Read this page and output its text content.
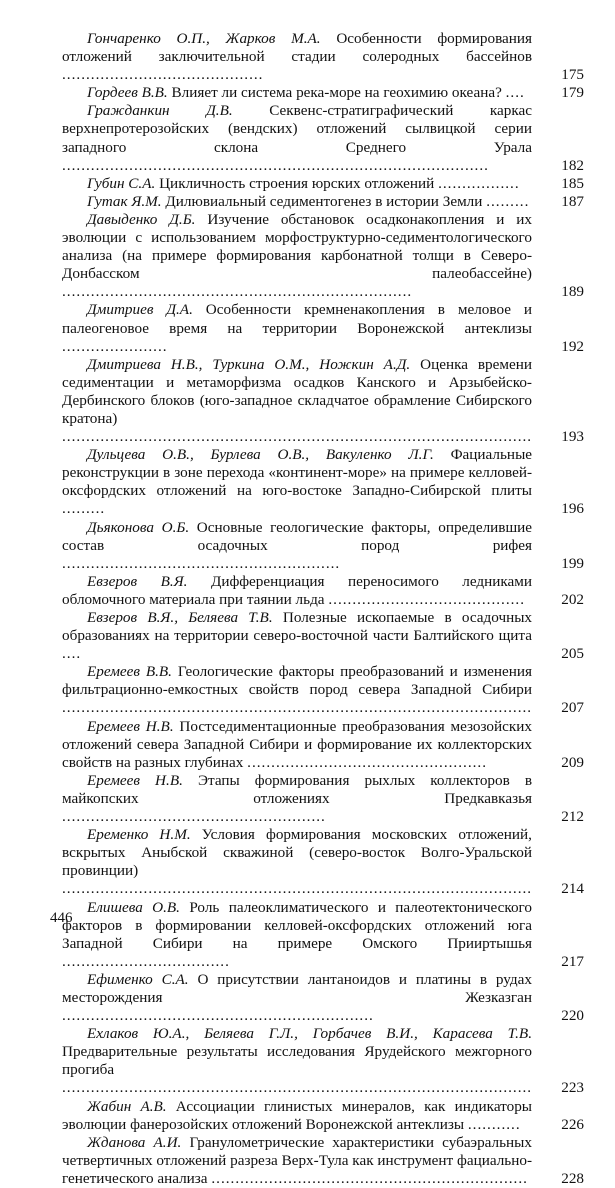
Гончаренко О.П., Жарков М.А. Особенности формирования отложений заключительной стадии солеродных бассейнов ..........................................	175
Гордеев В.В. Влияет ли система река-море на геохимию океана? ....	179
Гражданкин Д.В. Секвенс-стратиграфический каркас верхнепротерозойских (вендских) отложений сылвицкой серии западного склона Среднего Урала .........................................................................................	182
Губин С.А. Цикличность строения юрских отложений .................	185
Гутак Я.М. Дилювиальный седиментогенез в истории Земли .........	187
Давыденко Д.Б. Изучение обстановок осадконакопления и их эволюции с использованием морфоструктурно-седиментологического анализа (на примере формирования карбонатной толщи в Северо-Донбасском палеобассейне) .........................................................................	189
Дмитриев Д.А. Особенности кремненакопления в меловое и палеогеновое время на территории Воронежской антеклизы ......................	192
Дмитриева Н.В., Туркина О.М., Ножкин А.Д. Оценка времени седиментации и метаморфизма осадков Канского и Арзыбейско-Дербинского блоков (юго-западное складчатое обрамление Сибирского кратона) ..................................................................................................	193
Дульцева О.В., Бурлева О.В., Вакуленко Л.Г. Фациальные реконструкции в зоне перехода «континент-море» на примере келловей-оксфордских отложений на юго-востоке Западно-Сибирской плиты .........	196
Дьяконова О.Б. Основные геологические факторы, определившие состав осадочных пород рифея ..........................................................	199
Евзеров В.Я. Дифференциация переносимого ледниками обломочного материала при таянии льда .........................................	202
Евзеров В.Я., Беляева Т.В. Полезные ископаемые в осадочных образованиях на территории северо-восточной части Балтийского щита ....	205
Еремеев В.В. Геологические факторы преобразований и изменения фильтрационно-емкостных свойств пород севера Западной Сибири ..................................................................................................	207
Еремеев Н.В. Постседиментационные преобразования мезозойских отложений севера Западной Сибири и формирование их коллекторских свойств на разных глубинах ..................................................	209
Еремеев Н.В. Этапы формирования рыхлых коллекторов в майкопских отложениях Предкавказья .......................................................	212
Еременко Н.М. Условия формирования московских отложений, вскрытых Аныбской скважиной (северо-восток Волго-Уральской провинции) ..................................................................................................	214
Елишева О.В. Роль палеоклиматического и палеотектонического факторов в формировании келловей-оксфордских отложений юга Западной Сибири на примере Омского Прииртышья ...................................	217
Ефименко С.А. О присутствии лантаноидов и платины в рудах месторождения Жезказган .................................................................	220
Ехлаков Ю.А., Беляева Г.Л., Горбачев В.И., Карасева Т.В. Предварительные результаты исследования Ярудейского межгорного прогиба ..................................................................................................	223
Жабин А.В. Ассоциации глинистых минералов, как индикаторы эволюции фанерозойских отложений Воронежской антеклизы ...........	226
Жданова А.И. Гранулометрические характеристики субаэральных четвертичных отложений разреза Верх-Тула как инструмент фациально-генетического анализа ..................................................................	228
446
